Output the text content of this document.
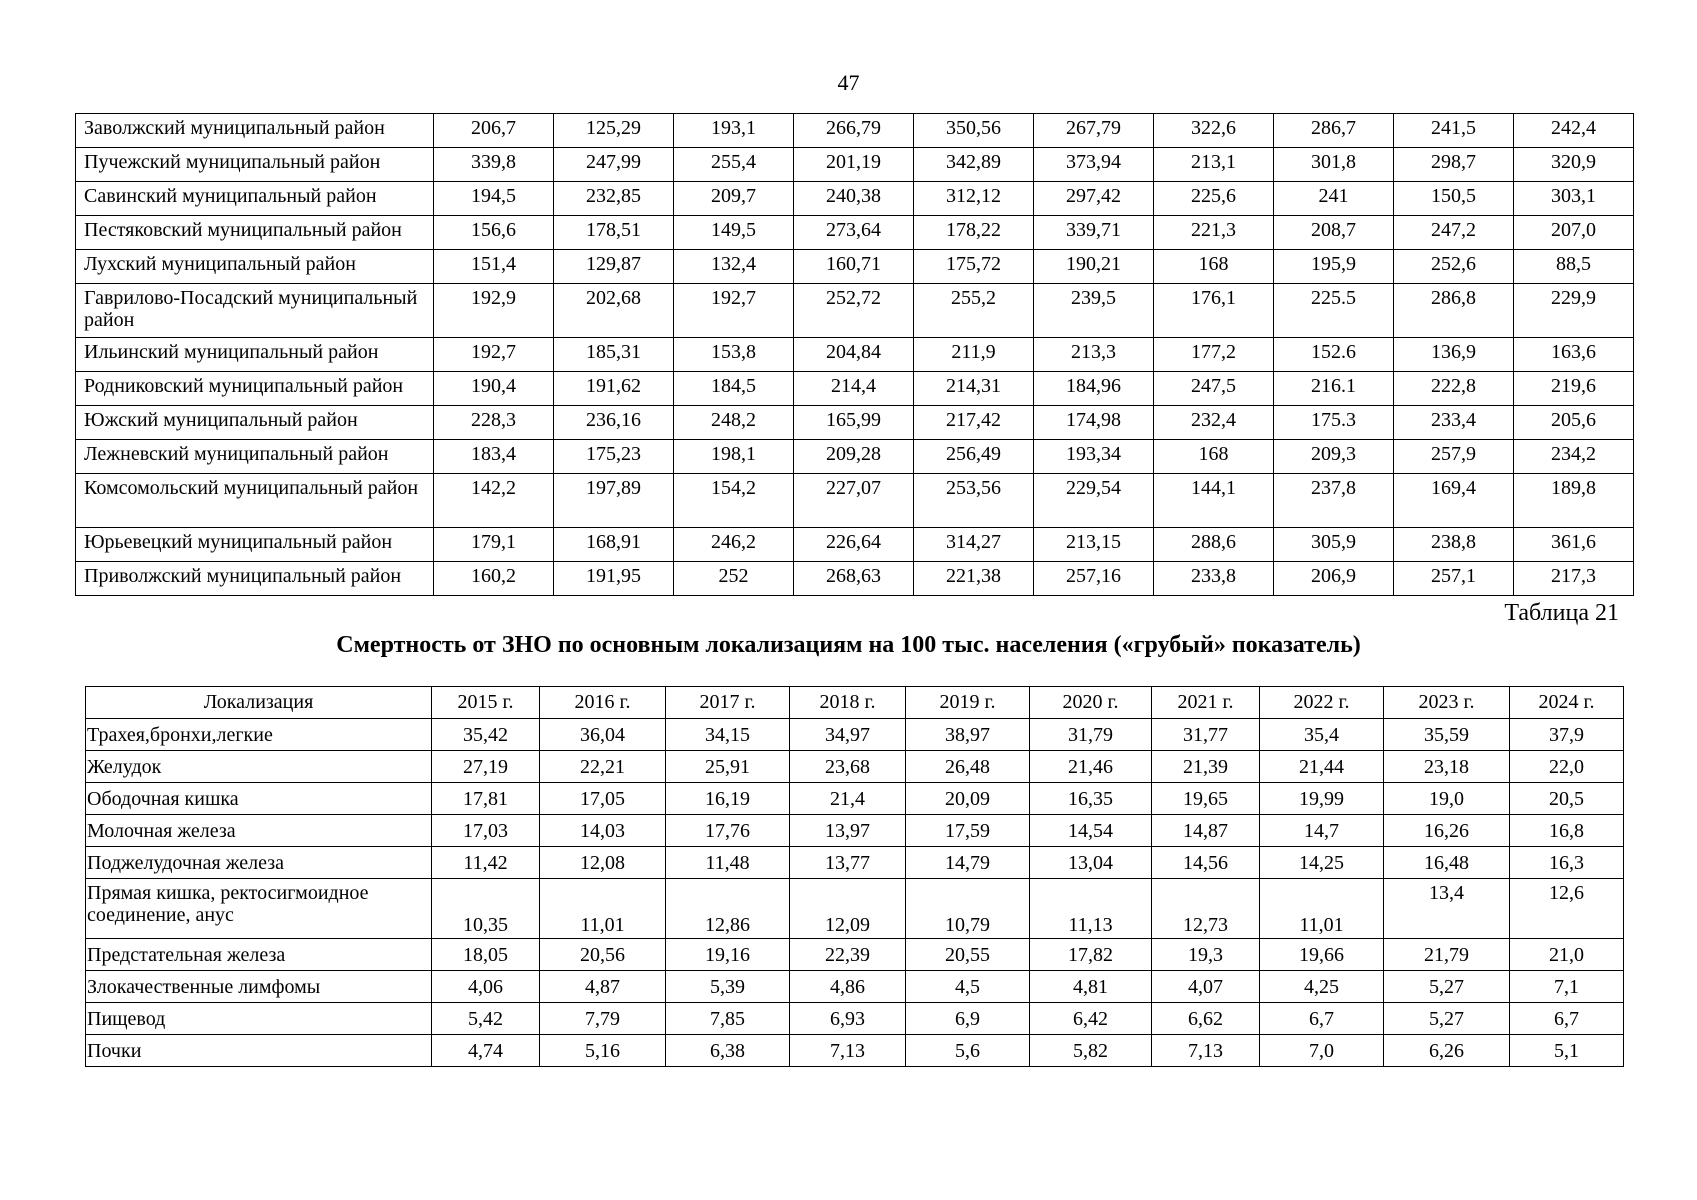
47
Заволжский муниципальный район	206,7	125,29	193,1	266,79	350,56	267,79	322,6	286,7	241,5	242,4
Пучежский муниципальный район	339,8	247,99	255,4	201,19	342,89	373,94	213,1	301,8	298,7	320,9
Савинский муниципальный район	194,5	232,85	209,7	240,38	312,12	297,42	225,6	241	150,5	303,1
Пестяковский муниципальный район	156,6	178,51	149,5	273,64	178,22	339,71	221,3	208,7	247,2	207,0
Лухский муниципальный район	151,4	129,87	132,4	160,71	175,72	190,21	168	195,9	252,6	88,5
Гаврилово-Посадский муниципальный район	192,9	202,68	192,7	252,72	255,2	239,5	176,1	225.5	286,8	229,9
Ильинский муниципальный район	192,7	185,31	153,8	204,84	211,9	213,3	177,2	152.6	136,9	163,6
Родниковский муниципальный район	190,4	191,62	184,5	214,4	214,31	184,96	247,5	216.1	222,8	219,6
Южский муниципальный район	228,3	236,16	248,2	165,99	217,42	174,98	232,4	175.3	233,4	205,6
Лежневский муниципальный район	183,4	175,23	198,1	209,28	256,49	193,34	168	209,3	257,9	234,2
Комсомольский муниципальный район	142,2	197,89	154,2	227,07	253,56	229,54	144,1	237,8	169,4	189,8
Юрьевецкий муниципальный район	179,1	168,91	246,2	226,64	314,27	213,15	288,6	305,9	238,8	361,6
Приволжский муниципальный район	160,2	191,95	252	268,63	221,38	257,16	233,8	206,9	257,1	217,3
Таблица 21
Смертность от ЗНО по основным локализациям на 100 тыс. населения («грубый» показатель)
Локализация	2015 г.	2016 г.	2017 г.	2018 г.	2019 г.	2020 г.	2021 г.	2022 г.	2023 г.	2024 г.
Трахея,бронхи,легкие	35,42	36,04	34,15	34,97	38,97	31,79	31,77	35,4	35,59	37,9
Желудок	27,19	22,21	25,91	23,68	26,48	21,46	21,39	21,44	23,18	22,0
Ободочная кишка	17,81	17,05	16,19	21,4	20,09	16,35	19,65	19,99	19,0	20,5
Молочная железа	17,03	14,03	17,76	13,97	17,59	14,54	14,87	14,7	16,26	16,8
Поджелудочная железа	11,42	12,08	11,48	13,77	14,79	13,04	14,56	14,25	16,48	16,3
Прямая кишка, ректосигмоидное соединение, анус	10,35	11,01	12,86	12,09	10,79	11,13	12,73	11,01	13,4	12,6
Предстательная железа	18,05	20,56	19,16	22,39	20,55	17,82	19,3	19,66	21,79	21,0
Злокачественные лимфомы	4,06	4,87	5,39	4,86	4,5	4,81	4,07	4,25	5,27	7,1
Пищевод	5,42	7,79	7,85	6,93	6,9	6,42	6,62	6,7	5,27	6,7
Почки	4,74	5,16	6,38	7,13	5,6	5,82	7,13	7,0	6,26	5,1
